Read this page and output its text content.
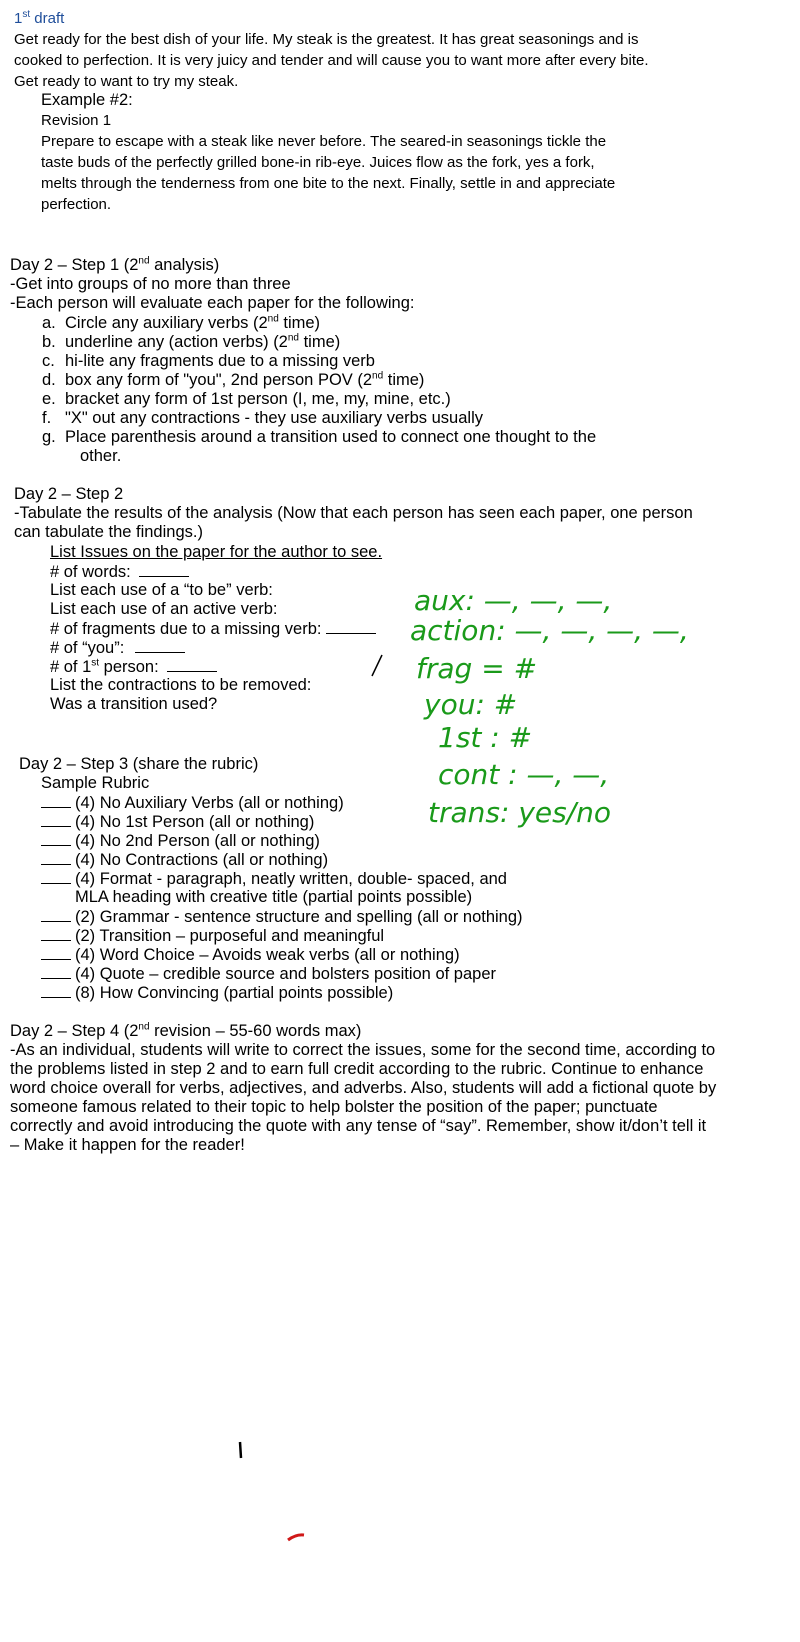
1st draft
Get ready for the best dish of your life. My steak is the greatest. It has great seasonings and is
cooked to perfection. It is very juicy and tender and will cause you to want more after every bite.
Get ready to want to try my steak.
Example #2:
Revision 1
Prepare to escape with a steak like never before. The seared-in seasonings tickle the
taste buds of the perfectly grilled bone-in rib-eye. Juices flow as the fork, yes a fork,
melts through the tenderness from one bite to the next. Finally, settle in and appreciate
perfection.
Day 2 – Step 1 (2nd analysis)
-Get into groups of no more than three
-Each person will evaluate each paper for the following:
a. Circle any auxiliary verbs (2nd time)
b. underline any (action verbs) (2nd time)
c. hi-lite any fragments due to a missing verb
d. box any form of "you", 2nd person POV (2nd time)
e. bracket any form of 1st person (I, me, my, mine, etc.)
f. "X" out any contractions - they use auxiliary verbs usually
g. Place parenthesis around a transition used to connect one thought to the
other.
Day 2 – Step 2
-Tabulate the results of the analysis (Now that each person has seen each paper, one person
can tabulate the findings.)
List Issues on the paper for the author to see.
# of words:
List each use of a “to be” verb:
List each use of an active verb:
# of fragments due to a missing verb:
# of “you”:
# of 1st person:
List the contractions to be removed:
Was a transition used?
aux: —, —, —,
action: —, —, —, —,
frag = #
you: #
1st : #
cont : —, —,
trans: yes/no
Day 2 – Step 3 (share the rubric)
Sample Rubric
(4) No Auxiliary Verbs (all or nothing)
(4) No 1st Person (all or nothing)
(4) No 2nd Person (all or nothing)
(4) No Contractions (all or nothing)
(4) Format - paragraph, neatly written, double- spaced, and
MLA heading with creative title (partial points possible)
(2) Grammar - sentence structure and spelling (all or nothing)
(2) Transition – purposeful and meaningful
(4) Word Choice – Avoids weak verbs (all or nothing)
(4) Quote – credible source and bolsters position of paper
(8) How Convincing (partial points possible)
Day 2 – Step 4 (2nd revision – 55-60 words max)
-As an individual, students will write to correct the issues, some for the second time, according to
the problems listed in step 2 and to earn full credit according to the rubric. Continue to enhance
word choice overall for verbs, adjectives, and adverbs. Also, students will add a fictional quote by
someone famous related to their topic to help bolster the position of the paper; punctuate
correctly and avoid introducing the quote with any tense of “say”. Remember, show it/don’t tell it
– Make it happen for the reader!
